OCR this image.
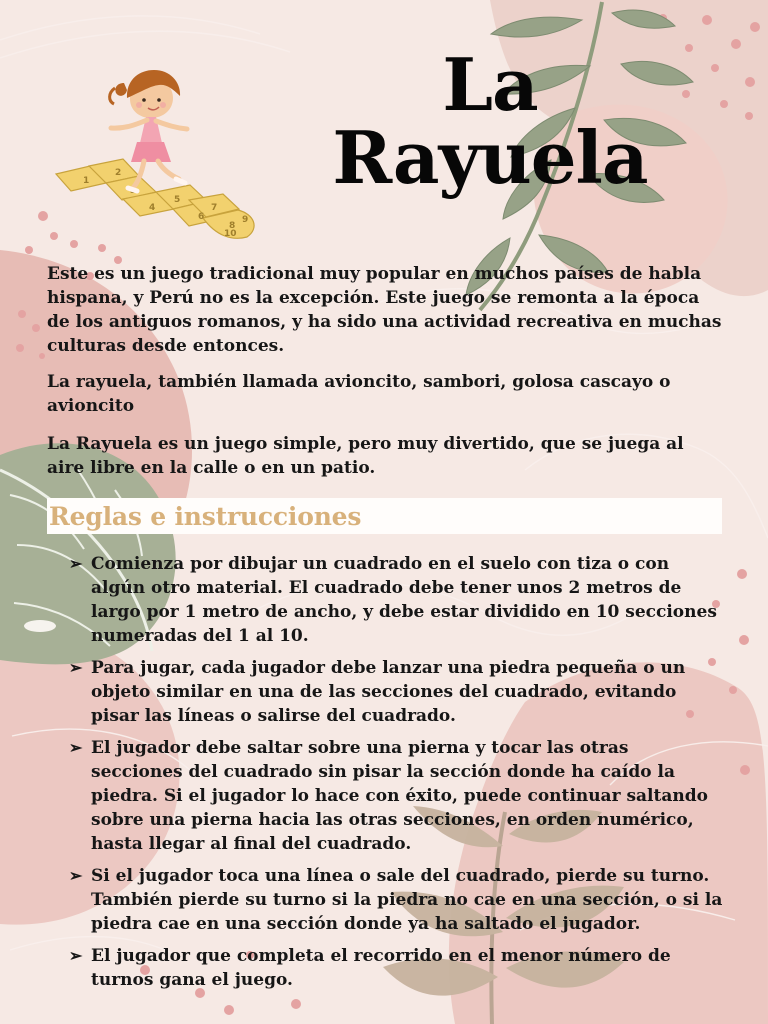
1
2
3
4
5
6
7
8
9
10
La
Rayuela

Este es un juego tradicional muy popular en muchos países de habla hispana, y Perú no es la excepción. Este juego se remonta a la época de los antiguos romanos, y ha sido una actividad recreativa en muchas culturas desde entonces.

La rayuela, también llamada avioncito, sambori, golosa cascayo o avioncito

La Rayuela es un juego simple, pero muy divertido, que se juega al aire libre en la calle o en un patio.

Reglas e instrucciones
➢ Comienza por dibujar un cuadrado en el suelo con tiza o con algún otro material. El cuadrado debe tener unos 2 metros de largo por 1 metro de ancho, y debe estar dividido en 10 secciones numeradas del 1 al 10.
➢ Para jugar, cada jugador debe lanzar una piedra pequeña o un objeto similar en una de las secciones del cuadrado, evitando pisar las líneas o salirse del cuadrado.
➢ El jugador debe saltar sobre una pierna y tocar las otras secciones del cuadrado sin pisar la sección donde ha caído la piedra. Si el jugador lo hace con éxito, puede continuar saltando sobre una pierna hacia las otras secciones, en orden numérico, hasta llegar al final del cuadrado.
➢ Si el jugador toca una línea o sale del cuadrado, pierde su turno. También pierde su turno si la piedra no cae en una sección, o si la piedra cae en una sección donde ya ha saltado el jugador.
➢ El jugador que completa el recorrido en el menor número de turnos gana el juego.
